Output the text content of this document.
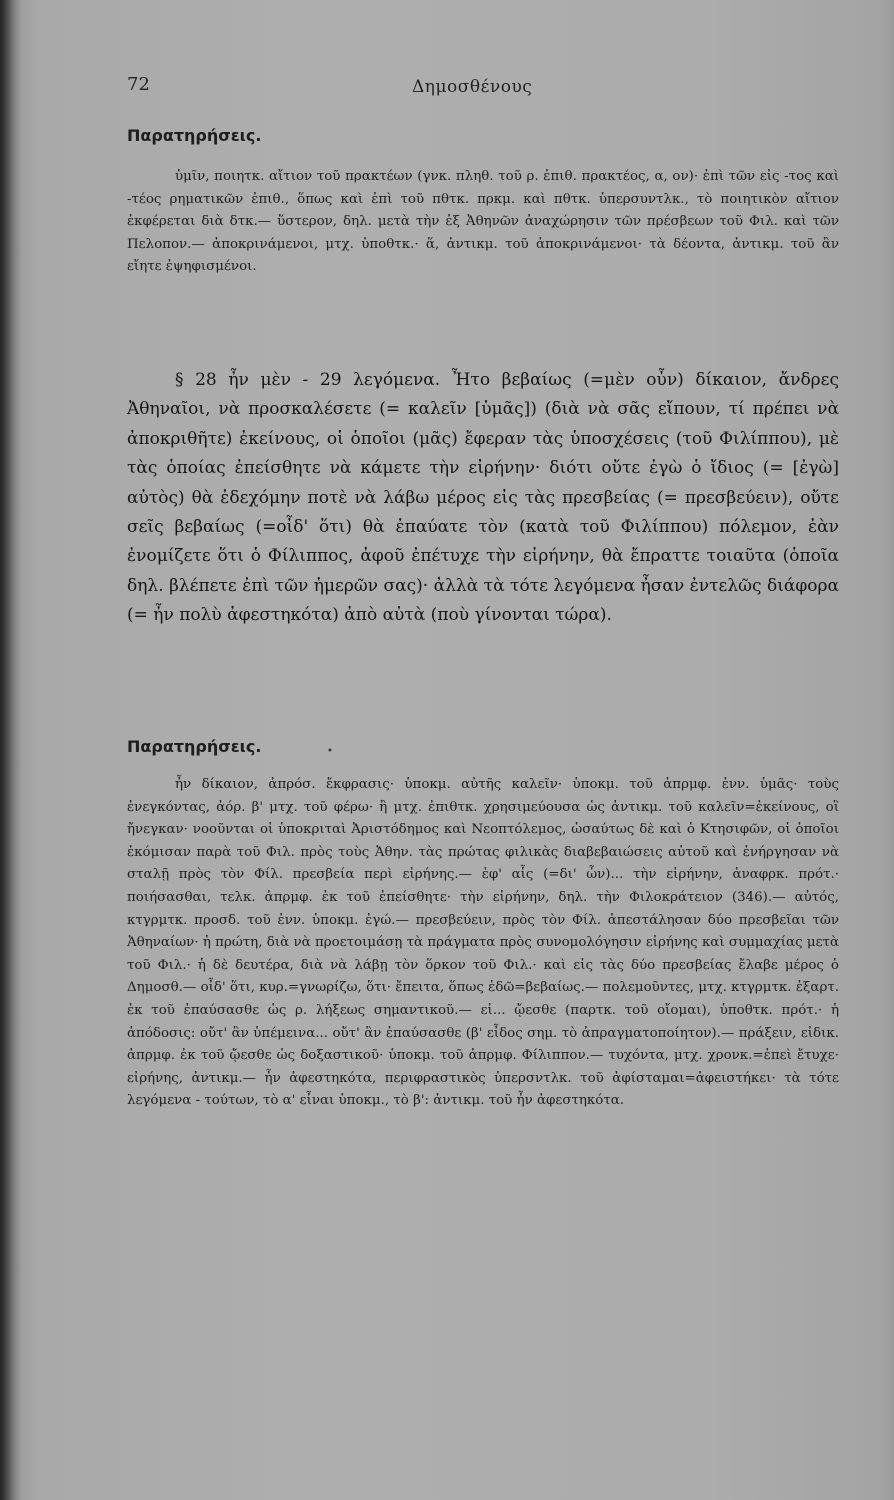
72	Δημοσθένους
Παρατηρήσεις.

ὑμῖν, ποιητκ. αἴτιον τοῦ πρακτέων (γνκ. πληθ. τοῦ ρ. ἐπιθ. πρακτέος, α, ον)· ἐπὶ τῶν εἰς -τος καὶ -τέος ρηματικῶν ἐπιθ., ὅπως καὶ ἐπὶ τοῦ πθτκ. πρκμ. καὶ πθτκ. ὑπερσυντλκ., τὸ ποιητικὸν αἴτιον ἐκφέρεται διὰ δτκ.— ὕστερον, δηλ. μετὰ τὴν ἐξ Ἀθηνῶν ἀναχώρησιν τῶν πρέσβεων τοῦ Φιλ. καὶ τῶν Πελοπον.— ἀποκρινάμενοι, μτχ. ὑποθτκ.· ἅ, ἀντικμ. τοῦ ἀποκρινάμενοι· τὰ δέοντα, ἀντικμ. τοῦ ἂν εἴητε ἐψηφισμένοι.

§ 28 ἦν μὲν - 29 λεγόμενα. Ἦτο βεβαίως (=μὲν οὖν) δίκαιον, ἄνδρες Ἀθηναῖοι, νὰ προσκαλέσετε (= καλεῖν [ὑμᾶς]) (διὰ νὰ σᾶς εἴπουν, τί πρέπει νὰ ἀποκριθῆτε) ἐκείνους, οἱ ὁποῖοι (μᾶς) ἔφεραν τὰς ὑποσχέσεις (τοῦ Φιλίππου), μὲ τὰς ὁποίας ἐπείσθητε νὰ κάμετε τὴν εἰρήνην· διότι οὔτε ἐγὼ ὁ ἴδιος (= [ἐγὼ] αὐτὸς) θὰ ἐδεχόμην ποτὲ νὰ λάβω μέρος εἰς τὰς πρεσβείας (= πρεσβεύειν), οὔτε σεῖς βεβαίως (=οἶδ' ὅτι) θὰ ἐπαύατε τὸν (κατὰ τοῦ Φιλίππου) πόλεμον, ἐὰν ἐνομίζετε ὅτι ὁ Φίλιππος, ἀφοῦ ἐπέτυχε τὴν εἰρήνην, θὰ ἔπραττε τοιαῦτα (ὁποῖα δηλ. βλέπετε ἐπὶ τῶν ἡμερῶν σας)· ἀλλὰ τὰ τότε λεγόμενα ἦσαν ἐντελῶς διάφορα (= ἦν πολὺ ἀφεστηκότα) ἀπὸ αὐτὰ (ποὺ γίνονται τώρα).

Παρατηρήσεις.	•

ἦν δίκαιον, ἀπρόσ. ἔκφρασις· ὑποκμ. αὐτῆς καλεῖν· ὑποκμ. τοῦ ἀπρμφ. ἐνν. ὑμᾶς· τοὺς ἐνεγκόντας, ἀόρ. β' μτχ. τοῦ φέρω· ἢ μτχ. ἐπιθτκ. χρησιμεύουσα ὡς ἀντικμ. τοῦ καλεῖν=ἐκείνους, οἳ ἤνεγκαν· νοοῦνται οἱ ὑποκριταὶ Ἀριστόδημος καὶ Νεοπτόλεμος, ὡσαύτως δὲ καὶ ὁ Κτησιφῶν, οἱ ὁποῖοι ἐκόμισαν παρὰ τοῦ Φιλ. πρὸς τοὺς Ἀθην. τὰς πρώτας φιλικὰς διαβεβαιώσεις αὐτοῦ καὶ ἐνήργησαν νὰ σταλῇ πρὸς τὸν Φίλ. πρεσβεία περὶ εἰρήνης.— ἐφ' αἷς (=δι' ὧν)... τὴν εἰρήνην, ἀναφρκ. πρότ.· ποιήσασθαι, τελκ. ἀπρμφ. ἐκ τοῦ ἐπείσθητε· τὴν εἰρήνην, δηλ. τὴν Φιλοκράτειον (346).— αὐτός, κτγρμτκ. προσδ. τοῦ ἐνν. ὑποκμ. ἐγώ.— πρεσβεύειν, πρὸς τὸν Φίλ. ἀπεστάλησαν δύο πρεσβεῖαι τῶν Ἀθηναίων· ἡ πρώτη, διὰ νὰ προετοιμάσῃ τὰ πράγματα πρὸς συνομολόγησιν εἰρήνης καὶ συμμαχίας μετὰ τοῦ Φιλ.· ἡ δὲ δευτέρα, διὰ νὰ λάβῃ τὸν ὅρκον τοῦ Φιλ.· καὶ εἰς τὰς δύο πρεσβείας ἔλαβε μέρος ὁ Δημοσθ.— οἶδ' ὅτι, κυρ.=γνωρίζω, ὅτι· ἔπειτα, ὅπως ἐδῶ=βεβαίως.— πολεμοῦντες, μτχ. κτγρμτκ. ἐξαρτ. ἐκ τοῦ ἐπαύσασθε ὡς ρ. λήξεως σημαντικοῦ.— εἰ... ᾤεσθε (παρτκ. τοῦ οἴομαι), ὑποθτκ. πρότ.· ἡ ἀπόδοσις: οὔτ' ἂν ὑπέμεινα... οὔτ' ἂν ἐπαύσασθε (β' εἶδος σημ. τὸ ἀπραγματοποίητον).— πράξειν, εἰδικ. ἀπρμφ. ἐκ τοῦ ᾤεσθε ὡς δοξαστικοῦ· ὑποκμ. τοῦ ἀπρμφ. Φίλιππον.— τυχόντα, μτχ. χρονκ.=ἐπεὶ ἔτυχε· εἰρήνης, ἀντικμ.— ἦν ἀφεστηκότα, περιφραστικὸς ὑπερσντλκ. τοῦ ἀφίσταμαι=ἀφειστήκει· τὰ τότε λεγόμενα - τούτων, τὸ α' εἶναι ὑποκμ., τὸ β': ἀντικμ. τοῦ ἦν ἀφεστηκότα.
